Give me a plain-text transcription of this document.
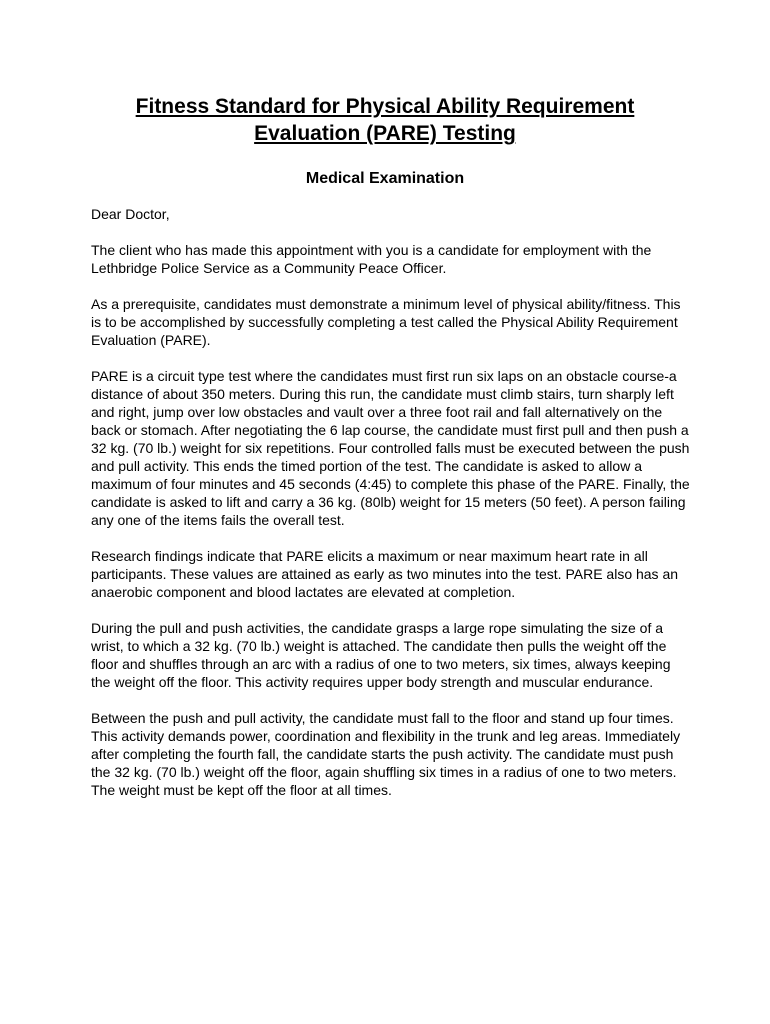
Fitness Standard for Physical Ability Requirement
Evaluation (PARE) Testing
Medical Examination

Dear Doctor,

The client who has made this appointment with you is a candidate for employment with the Lethbridge Police Service as a Community Peace Officer.

As a prerequisite, candidates must demonstrate a minimum level of physical ability/fitness. This is to be accomplished by successfully completing a test called the Physical Ability Requirement Evaluation (PARE).

PARE is a circuit type test where the candidates must first run six laps on an obstacle course-a distance of about 350 meters. During this run, the candidate must climb stairs, turn sharply left and right, jump over low obstacles and vault over a three foot rail and fall alternatively on the back or stomach. After negotiating the 6 lap course, the candidate must first pull and then push a 32 kg. (70 lb.) weight for six repetitions. Four controlled falls must be executed between the push and pull activity. This ends the timed portion of the test. The candidate is asked to allow a maximum of four minutes and 45 seconds (4:45) to complete this phase of the PARE. Finally, the candidate is asked to lift and carry a 36 kg. (80lb) weight for 15 meters (50 feet). A person failing any one of the items fails the overall test.

Research findings indicate that PARE elicits a maximum or near maximum heart rate in all participants. These values are attained as early as two minutes into the test. PARE also has an anaerobic component and blood lactates are elevated at completion.

During the pull and push activities, the candidate grasps a large rope simulating the size of a wrist, to which a 32 kg. (70 lb.) weight is attached. The candidate then pulls the weight off the floor and shuffles through an arc with a radius of one to two meters, six times, always keeping the weight off the floor. This activity requires upper body strength and muscular endurance.

Between the push and pull activity, the candidate must fall to the floor and stand up four times. This activity demands power, coordination and flexibility in the trunk and leg areas. Immediately after completing the fourth fall, the candidate starts the push activity. The candidate must push the 32 kg. (70 lb.) weight off the floor, again shuffling six times in a radius of one to two meters. The weight must be kept off the floor at all times.
